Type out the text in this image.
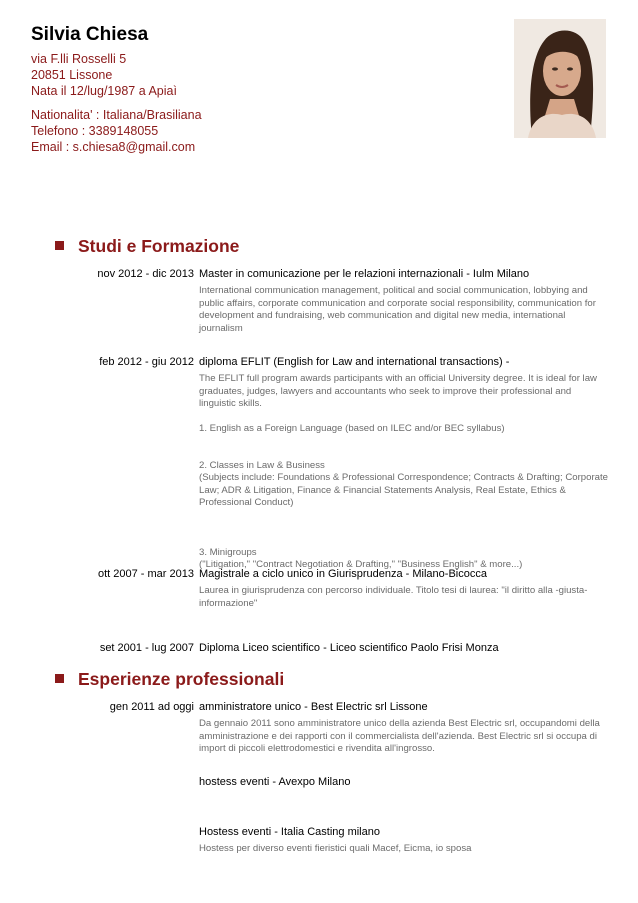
Silvia Chiesa
via F.lli Rosselli 5
20851 Lissone
Nata il 12/lug/1987 a Apiaì
Nationalita' : Italiana/Brasiliana
Telefono : 3389148055
Email : s.chiesa8@gmail.com
Studi e Formazione
nov 2012 - dic 2013 Master in comunicazione per le relazioni internazionali - Iulm Milano

International communication management, political and social communication, lobbying and public affairs, corporate communication and corporate social responsibility, communication for development and fundraising, web communication and digital new media, international journalism

feb 2012 - giu 2012 diploma EFLIT (English for Law and international transactions) -

The EFLIT full program awards participants with an official University degree. It is ideal for law graduates, judges, lawyers and accountants who seek to improve their professional and linguistic skills.

1. English as a Foreign Language (based on ILEC and/or BEC syllabus)

2. Classes in Law & Business
(Subjects include: Foundations & Professional Correspondence; Contracts & Drafting; Corporate Law; ADR & Litigation, Finance & Financial Statements Analysis, Real Estate, Ethics & Professional Conduct)

3. Minigroups
("Litigation," "Contract Negotiation & Drafting," "Business English" & more...)

ott 2007 - mar 2013 Magistrale a ciclo unico in Giurisprudenza - Milano-Bicocca

Laurea in giurisprudenza con percorso individuale. Titolo tesi di laurea: "il diritto alla -giusta- informazione"

set 2001 - lug 2007 Diploma Liceo scientifico - Liceo scientifico Paolo Frisi Monza
Esperienze professionali
gen 2011 ad oggi amministratore unico - Best Electric srl Lissone

Da gennaio 2011 sono amministratore unico della azienda Best Electric srl, occupandomi della amministrazione e dei rapporti con il commercialista dell'azienda. Best Electric srl si occupa di import di piccoli elettrodomestici e rivendita all'ingrosso.

hostess eventi - Avexpo Milano
Hostess eventi - Italia Casting milano

Hostess per diverso eventi fieristici quali Macef, Eicma, io sposa
